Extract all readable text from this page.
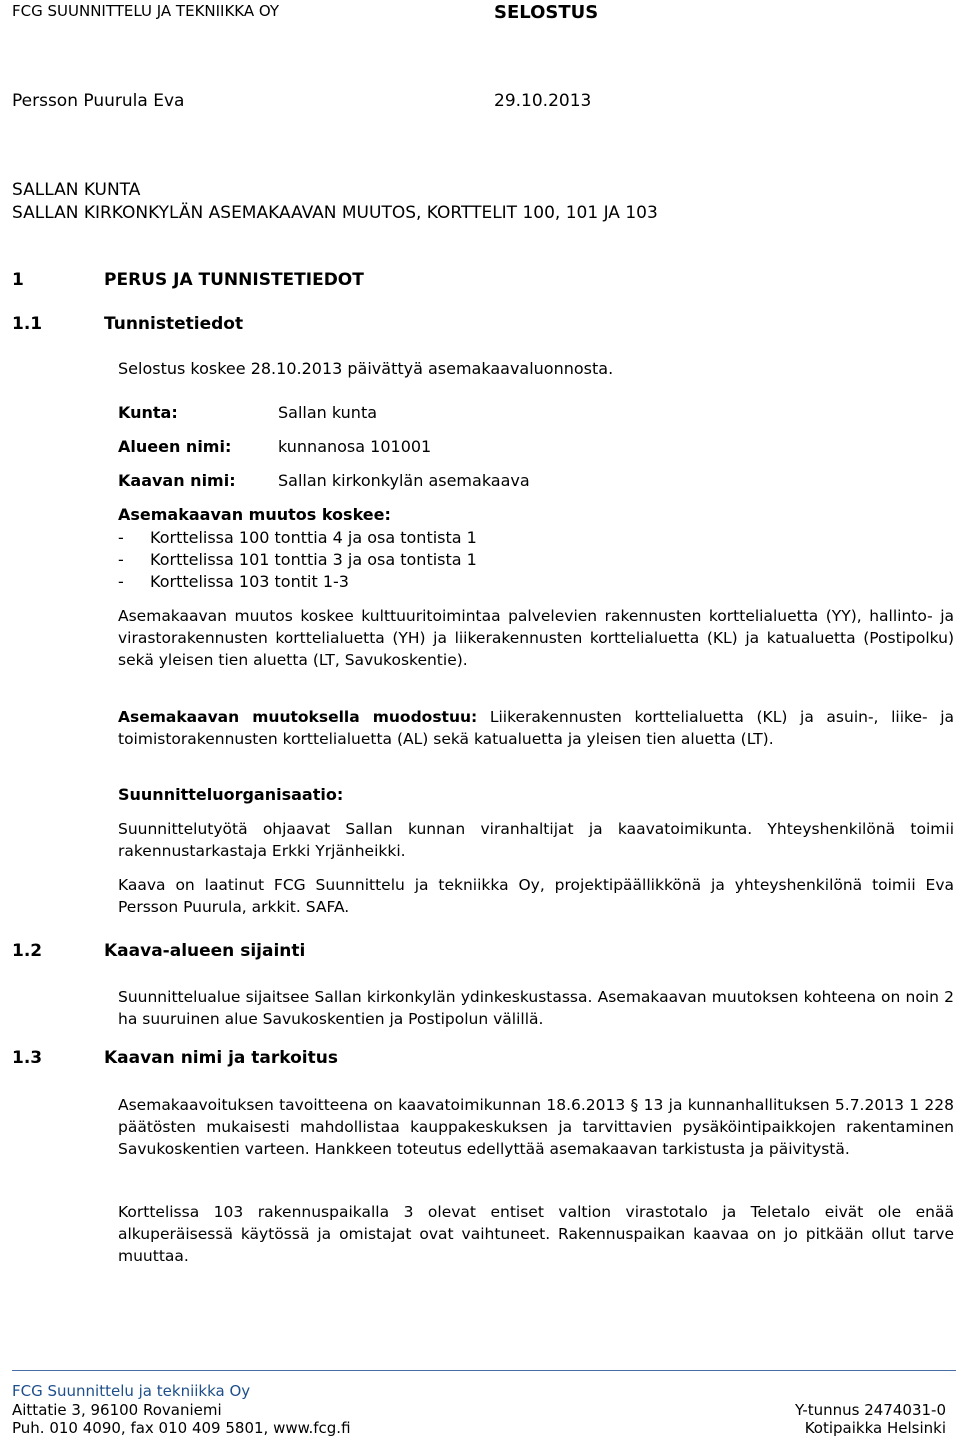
FCG SUUNNITTELU JA TEKNIIKKA OY	SELOSTUS
Persson Puurula Eva	29.10.2013
SALLAN KUNTA
SALLAN KIRKONKYLÄN ASEMAKAAVAN MUUTOS, KORTTELIT 100, 101 JA 103
1	PERUS JA TUNNISTETIEDOT
1.1	Tunnistetiedot
Selostus koskee 28.10.2013 päivättyä asemakaavaluonnosta.
Kunta:	Sallan kunta
Alueen nimi:	kunnanosa 101001
Kaavan nimi:	Sallan kirkonkylän asemakaava
Asemakaavan muutos koskee:
- Korttelissa 100 tonttia 4 ja osa tontista 1
- Korttelissa 101 tonttia 3 ja osa tontista 1
- Korttelissa 103 tontit 1-3
Asemakaavan muutos koskee kulttuuritoimintaa palvelevien rakennusten korttelialuetta (YY), hallinto- ja virastorakennusten korttelialuetta (YH) ja liikerakennusten korttelialuetta (KL) ja katualuetta (Postipolku) sekä yleisen tien aluetta (LT, Savukoskentie).
Asemakaavan muutoksella muodostuu: Liikerakennusten korttelialuetta (KL) ja asuin-, liike- ja toimistorakennusten korttelialuetta (AL) sekä katualuetta ja yleisen tien aluetta (LT).
Suunnitteluorganisaatio:
Suunnittelutyötä ohjaavat Sallan kunnan viranhaltijat ja kaavatoimikunta. Yhteyshenkilönä toimii rakennustarkastaja Erkki Yrjänheikki.
Kaava on laatinut FCG Suunnittelu ja tekniikka Oy, projektipäällikkönä ja yhteyshenkilönä toimii Eva Persson Puurula, arkkit. SAFA.
1.2	Kaava-alueen sijainti
Suunnittelualue sijaitsee Sallan kirkonkylän ydinkeskustassa. Asemakaavan muutoksen kohteena on noin 2 ha suuruinen alue Savukoskentien ja Postipolun välillä.
1.3	Kaavan nimi ja tarkoitus
Asemakaavoituksen tavoitteena on kaavatoimikunnan 18.6.2013 § 13 ja kunnanhallituksen 5.7.2013 1 228 päätösten mukaisesti mahdollistaa kauppakeskuksen ja tarvittavien pysäköintipaikkojen rakentaminen Savukoskentien varteen. Hankkeen toteutus edellyttää asemakaavan tarkistusta ja päivitystä.
Korttelissa 103 rakennuspaikalla 3 olevat entiset valtion virastotalo ja Teletalo eivät ole enää alkuperäisessä käytössä ja omistajat ovat vaihtuneet. Rakennuspaikan kaavaa on jo pitkään ollut tarve muuttaa.
FCG Suunnittelu ja tekniikka Oy
Aittatie 3, 96100 Rovaniemi
Puh. 010 4090, fax 010 409 5801, www.fcg.fi
Y-tunnus 2474031-0
Kotipaikka Helsinki
